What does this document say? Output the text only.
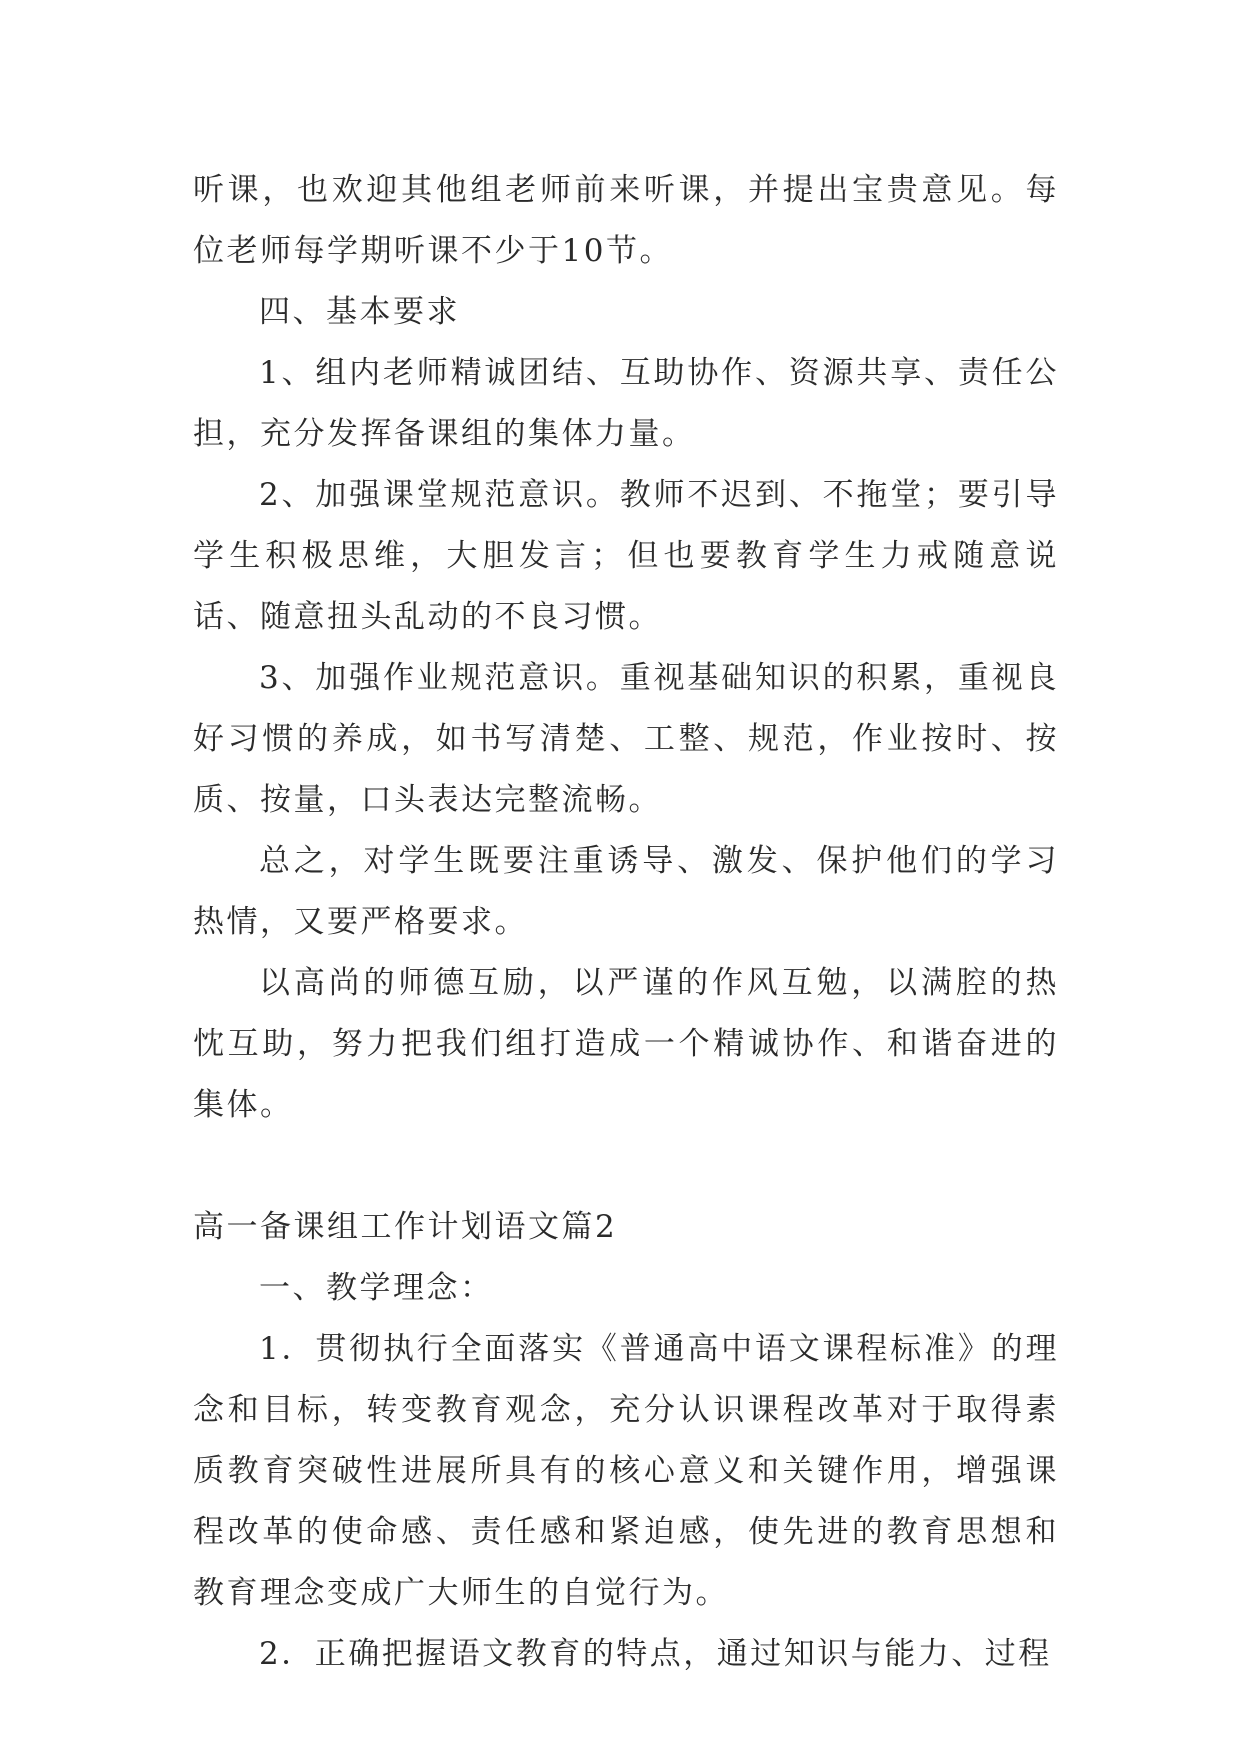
听课，也欢迎其他组老师前来听课，并提出宝贵意见。每位老师每学期听课不少于10节。

四、基本要求

1、组内老师精诚团结、互助协作、资源共享、责任公担，充分发挥备课组的集体力量。

2、加强课堂规范意识。教师不迟到、不拖堂；要引导学生积极思维，大胆发言；但也要教育学生力戒随意说话、随意扭头乱动的不良习惯。

3、加强作业规范意识。重视基础知识的积累，重视良好习惯的养成，如书写清楚、工整、规范，作业按时、按质、按量，口头表达完整流畅。

总之，对学生既要注重诱导、激发、保护他们的学习热情，又要严格要求。

以高尚的师德互励，以严谨的作风互勉，以满腔的热忱互助，努力把我们组打造成一个精诚协作、和谐奋进的集体。

高一备课组工作计划语文篇2

一、教学理念：

1．贯彻执行全面落实《普通高中语文课程标准》的理念和目标，转变教育观念，充分认识课程改革对于取得素质教育突破性进展所具有的核心意义和关键作用，增强课程改革的使命感、责任感和紧迫感，使先进的教育思想和教育理念变成广大师生的自觉行为。

2．正确把握语文教育的特点，通过知识与能力、过程
